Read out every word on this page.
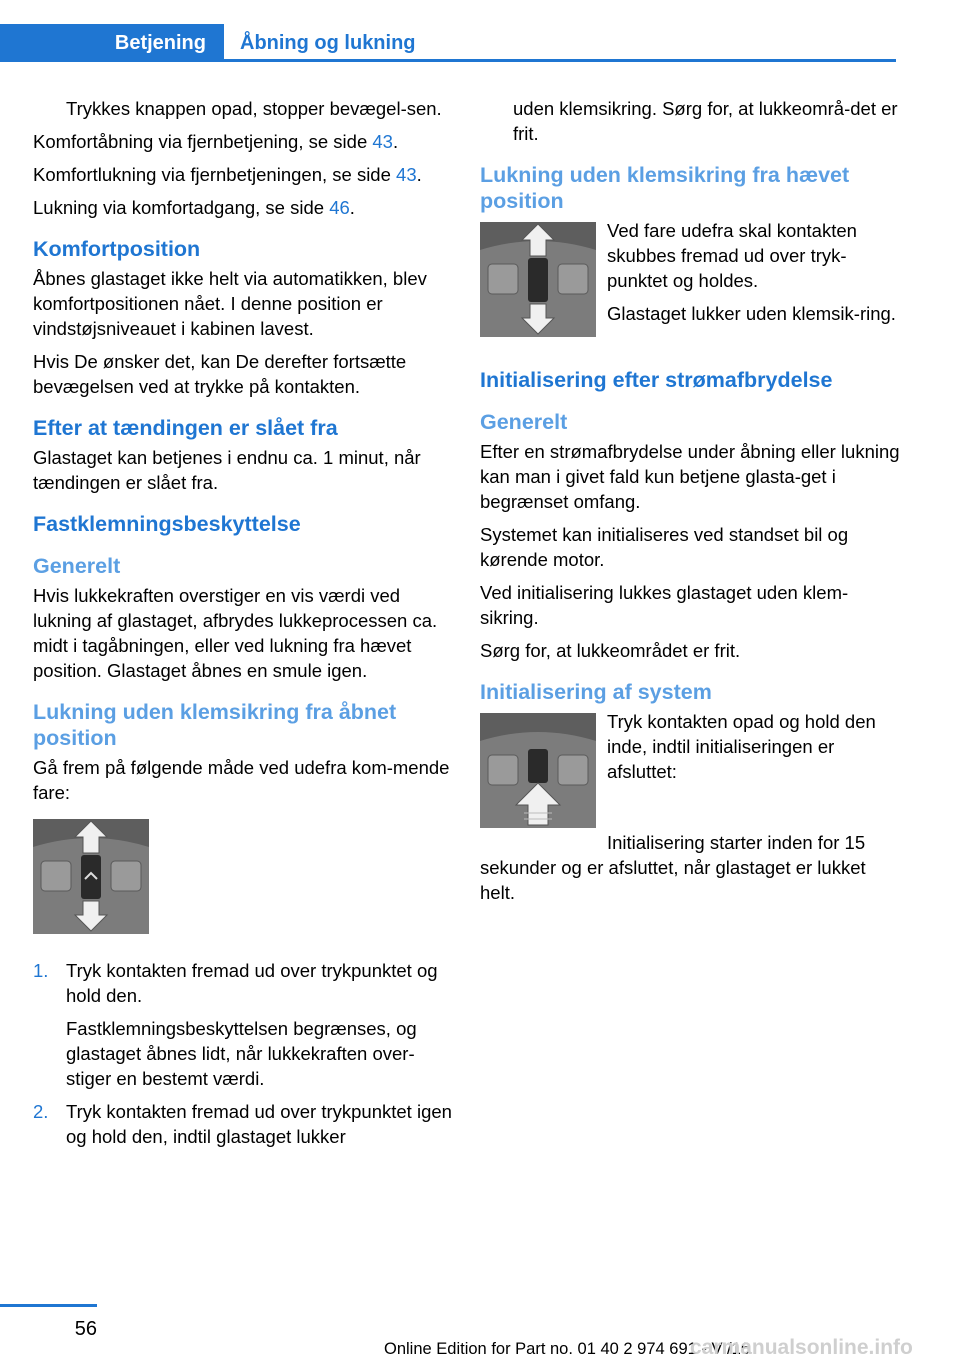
Betjening Åbning og lukning

Trykkes knappen opad, stopper bevægel-sen.

Komfortåbning via fjernbetjening, se side 43.

Komfortlukning via fjernbetjeningen, se side 43.

Lukning via komfortadgang, se side 46.

Komfortposition

Åbnes glastaget ikke helt via automatikken, blev komfortpositionen nået. I denne position er vindstøjsniveauet i kabinen lavest.

Hvis De ønsker det, kan De derefter fortsætte bevægelsen ved at trykke på kontakten.

Efter at tændingen er slået fra

Glastaget kan betjenes i endnu ca. 1 minut, når tændingen er slået fra.

Fastklemningsbeskyttelse
Generelt

Hvis lukkekraften overstiger en vis værdi ved lukning af glastaget, afbrydes lukkeprocessen ca. midt i tagåbningen, eller ved lukning fra hævet position. Glastaget åbnes en smule igen.

Lukning uden klemsikring fra åbnet position

Gå frem på følgende måde ved udefra kom-mende fare:

1. Tryk kontakten fremad ud over trykpunktet og hold den.

Fastklemningsbeskyttelsen begrænses, og glastaget åbnes lidt, når lukkekraften over-stiger en bestemt værdi.

2. Tryk kontakten fremad ud over trykpunktet igen og hold den, indtil glastaget lukker

uden klemsikring. Sørg for, at lukkeområ-det er frit.

Lukning uden klemsikring fra hævet position

Ved fare udefra skal kontakten skubbes fremad ud over tryk-punktet og holdes.

Glastaget lukker uden klemsik-ring.

Initialisering efter strømafbrydelse
Generelt

Efter en strømafbrydelse under åbning eller lukning kan man i givet fald kun betjene glasta-get i begrænset omfang.

Systemet kan initialiseres ved standset bil og kørende motor.

Ved initialisering lukkes glastaget uden klem-sikring.

Sørg for, at lukkeområdet er frit.

Initialisering af system

Tryk kontakten opad og hold den inde, indtil initialiseringen er afsluttet:

Initialisering starter inden for 15 sekunder og er afsluttet, når glastaget er lukket helt.

56
Online Edition for Part no. 01 40 2 974 691 - VI/16
carmanualsonline.info
